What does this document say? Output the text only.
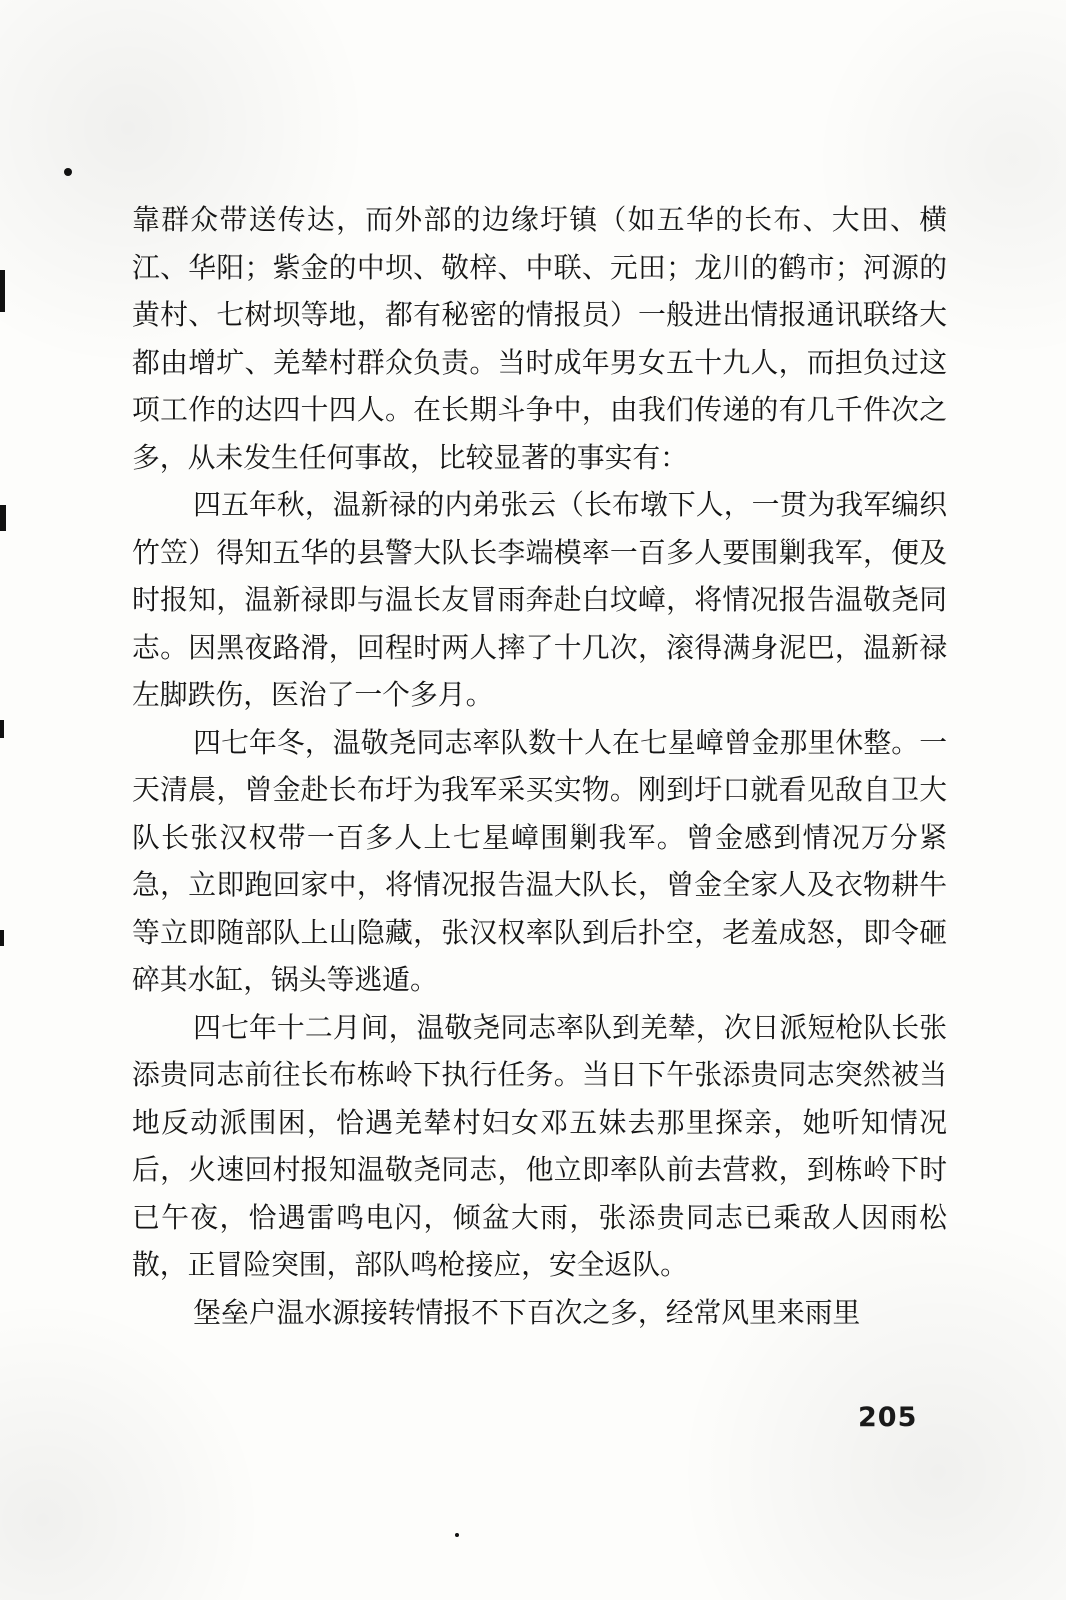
靠群众带送传达，而外部的边缘圩镇（如五华的长布、大田、横江、华阳；紫金的中坝、敬梓、中联、元田；龙川的鹤市；河源的黄村、七树坝等地，都有秘密的情报员）一般进出情报通讯联络大都由增圹、羌辇村群众负责。当时成年男女五十九人，而担负过这项工作的达四十四人。在长期斗争中，由我们传递的有几千件次之多，从未发生任何事故，比较显著的事实有：

四五年秋，温新禄的内弟张云（长布墩下人，一贯为我军编织竹笠）得知五华的县警大队长李端模率一百多人要围剿我军，便及时报知，温新禄即与温长友冒雨奔赴白坟嶂，将情况报告温敬尧同志。因黑夜路滑，回程时两人摔了十几次，滚得满身泥巴，温新禄左脚跌伤，医治了一个多月。

四七年冬，温敬尧同志率队数十人在七星嶂曾金那里休整。一天清晨，曾金赴长布圩为我军采买实物。刚到圩口就看见敌自卫大队长张汉权带一百多人上七星嶂围剿我军。曾金感到情况万分紧急，立即跑回家中，将情况报告温大队长，曾金全家人及衣物耕牛等立即随部队上山隐藏，张汉权率队到后扑空，老羞成怒，即令砸碎其水缸，锅头等逃遁。

四七年十二月间，温敬尧同志率队到羌辇，次日派短枪队长张添贵同志前往长布栋岭下执行任务。当日下午张添贵同志突然被当地反动派围困，恰遇羌辇村妇女邓五妹去那里探亲，她听知情况后，火速回村报知温敬尧同志，他立即率队前去营救，到栋岭下时已午夜，恰遇雷鸣电闪，倾盆大雨，张添贵同志已乘敌人因雨松散，正冒险突围，部队鸣枪接应，安全返队。

堡垒户温水源接转情报不下百次之多，经常风里来雨里

205
